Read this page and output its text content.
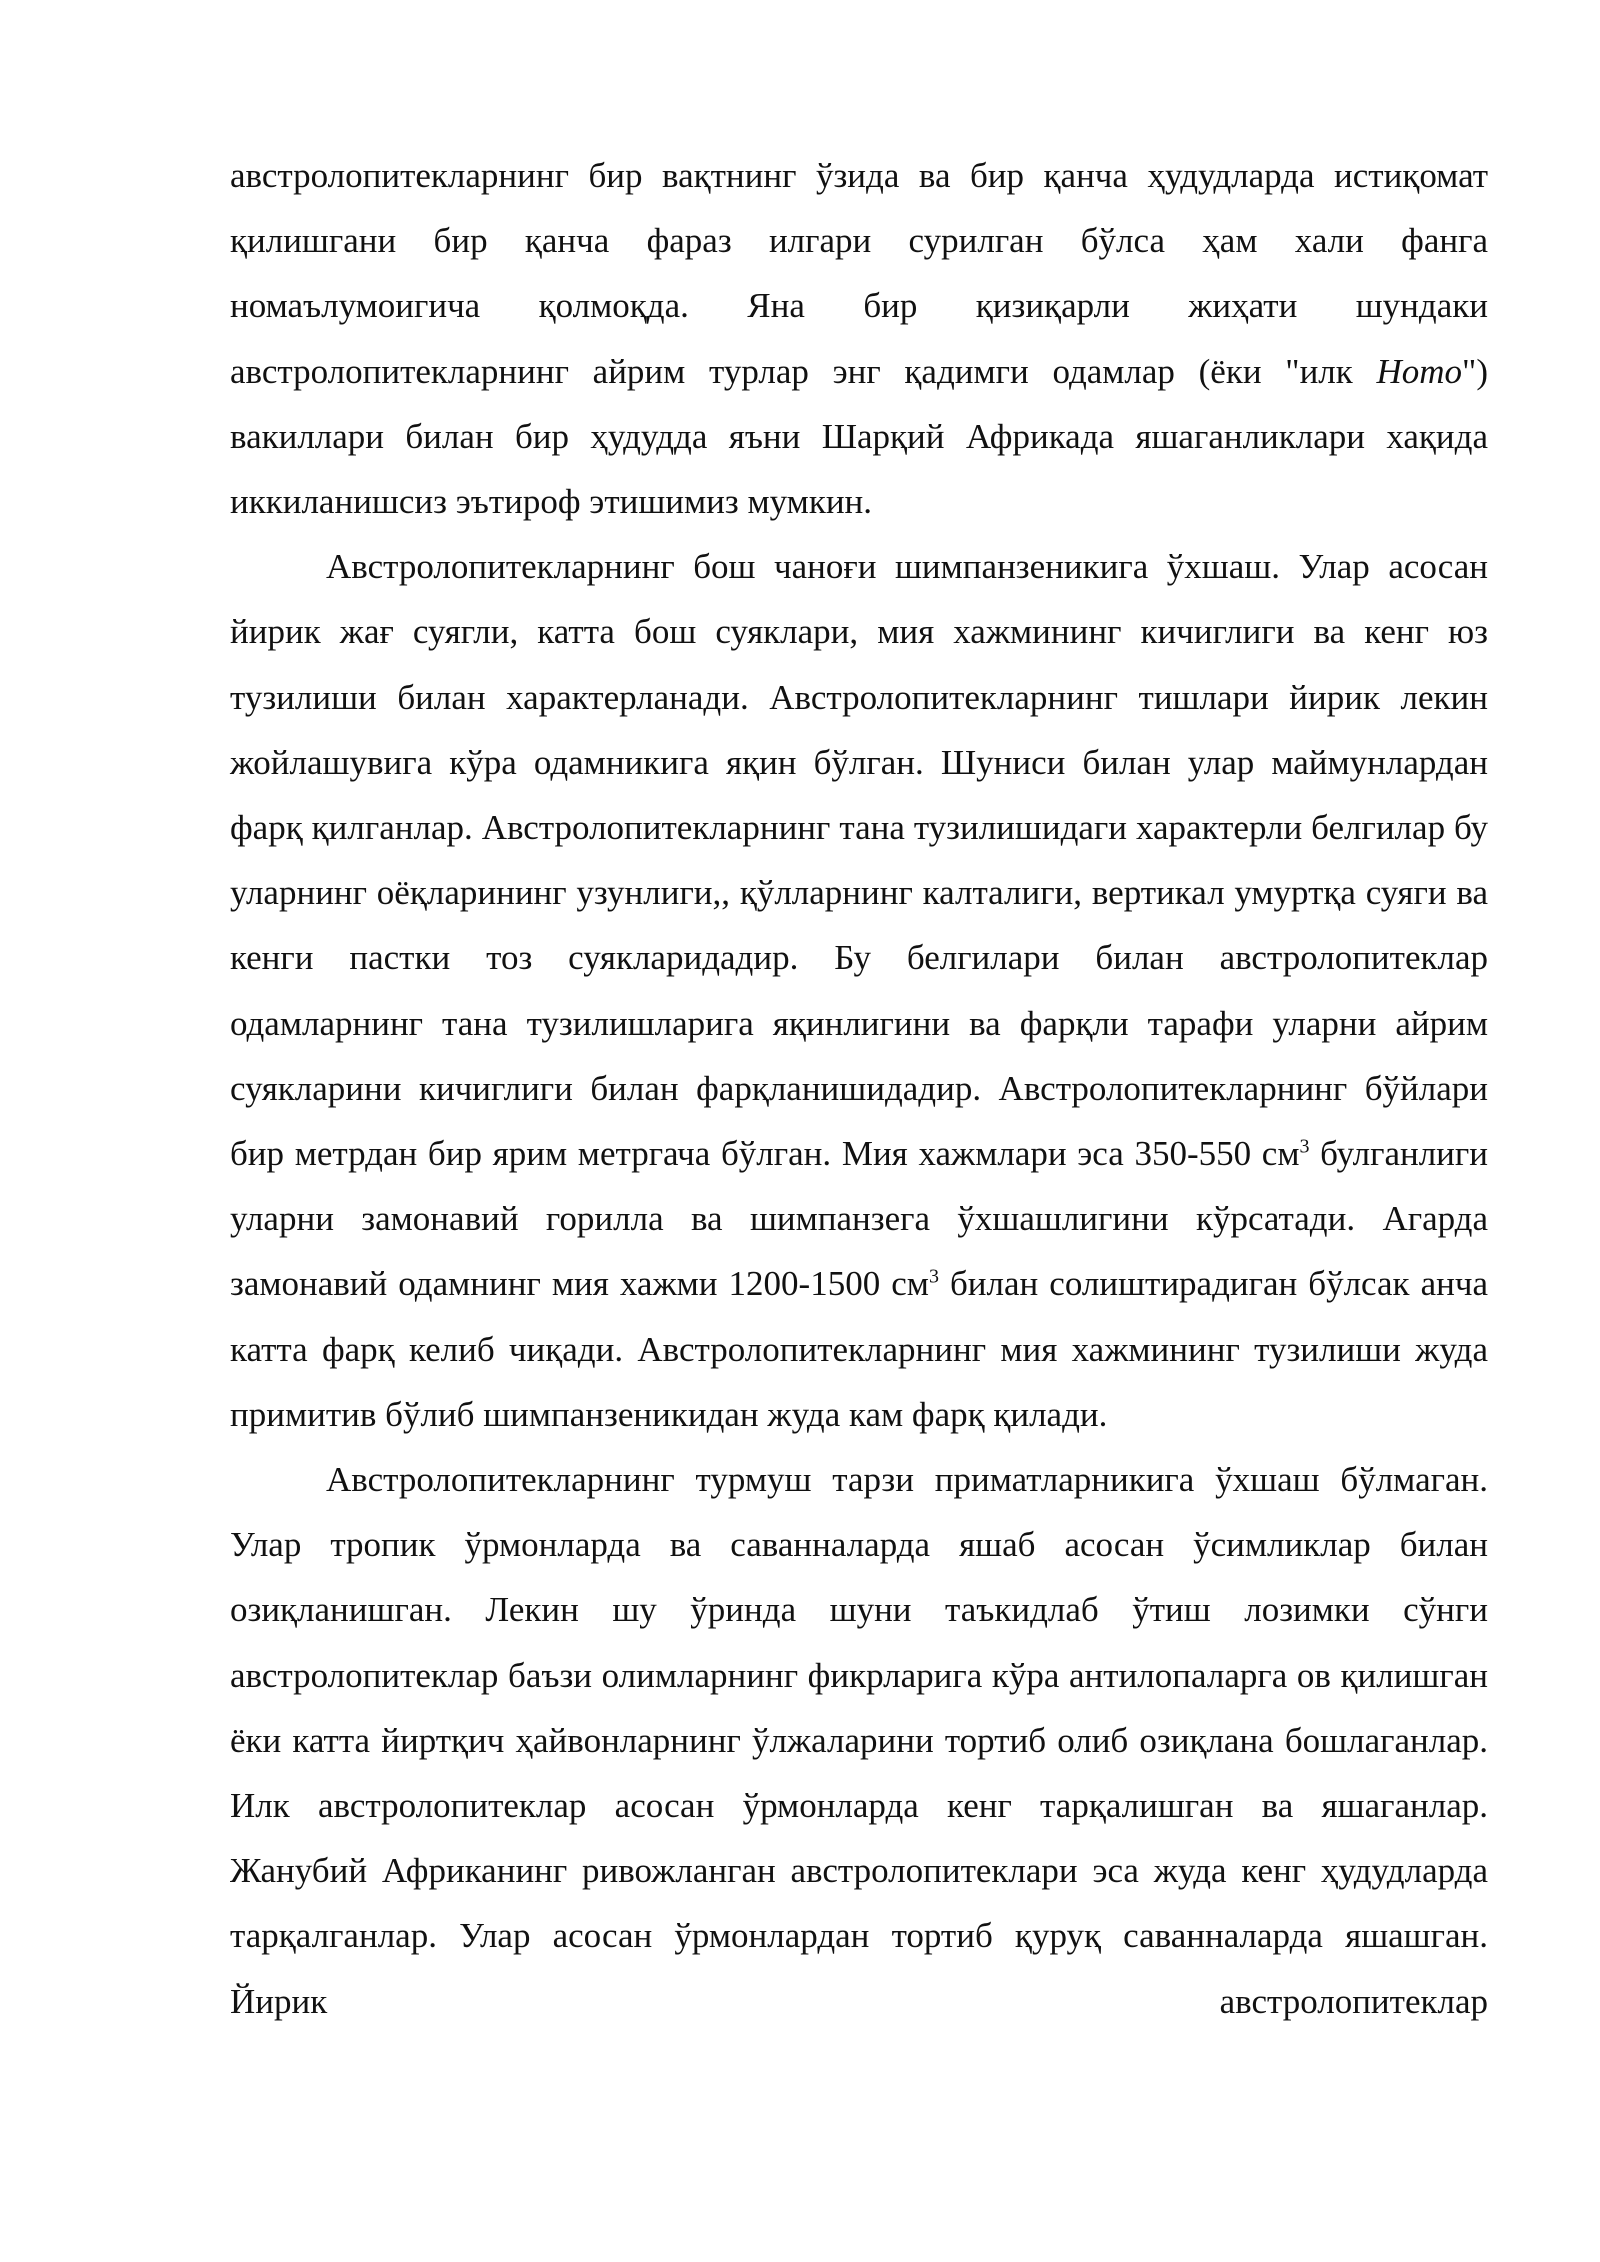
австролопитекларнинг бир вақтнинг ўзида ва бир қанча ҳудудларда истиқомат қилишгани бир қанча фараз илгари сурилган бўлса ҳам хали фанга номаълумоигича қолмоқда. Яна бир қизиқарли жиҳати шундаки австролопитекларнинг айрим турлар энг қадимги одамлар (ёки "илк Homo") вакиллари билан бир ҳудудда яъни Шарқий Африкада яшаганликлари хақида иккиланишсиз эътироф этишимиз мумкин.

Австролопитекларнинг бош чаноғи шимпанзеникига ўхшаш. Улар асосан йирик жағ суягли, катта бош суяклари, мия хажмининг кичиглиги ва кенг юз тузилиши билан характерланади. Австролопитекларнинг тишлари йирик лекин жойлашувига кўра одамникига яқин бўлган. Шуниси билан улар маймунлардан фарқ қилганлар. Австролопитекларнинг тана тузилишидаги характерли белгилар бу уларнинг оёқларининг узунлиги,, қўлларнинг калталиги, вертикал умуртқа суяги ва кенги пастки тоз суякларидадир. Бу белгилари билан австролопитеклар одамларнинг тана тузилишларига яқинлигини ва фарқли тарафи уларни айрим суякларини кичиглиги билан фарқланишидадир. Австролопитекларнинг бўйлари бир метрдан бир ярим метргача бўлган. Мия хажмлари эса 350-550 $см^3$ булганлиги уларни замонавий горилла ва шимпанзега ўхшашлигини кўрсатади. Агарда замонавий одамнинг мия хажми 1200-1500 $см^3$ билан солиштирадиган бўлсак анча катта фарқ келиб чиқади. Австролопитекларнинг мия хажмининг тузилиши жуда примитив бўлиб шимпанзеникидан жуда кам фарқ қилади.

Австролопитекларнинг турмуш тарзи приматларникига ўхшаш бўлмаган. Улар тропик ўрмонларда ва саванналарда яшаб асосан ўсимликлар билан озиқланишган. Лекин шу ўринда шуни таъкидлаб ўтиш лозимки сўнги австролопитеклар баъзи олимларнинг фикрларига кўра антилопаларга ов қилишган ёки катта йиртқич ҳайвонларнинг ўлжаларини тортиб олиб озиқлана бошлаганлар. Илк австролопитеклар асосан ўрмонларда кенг тарқалишган ва яшаганлар. Жанубий Африканинг ривожланган австролопитеклари эса жуда кенг ҳудудларда тарқалганлар. Улар асосан ўрмонлардан тортиб қуруқ саванналарда яшашган. Йирик австролопитеклар
